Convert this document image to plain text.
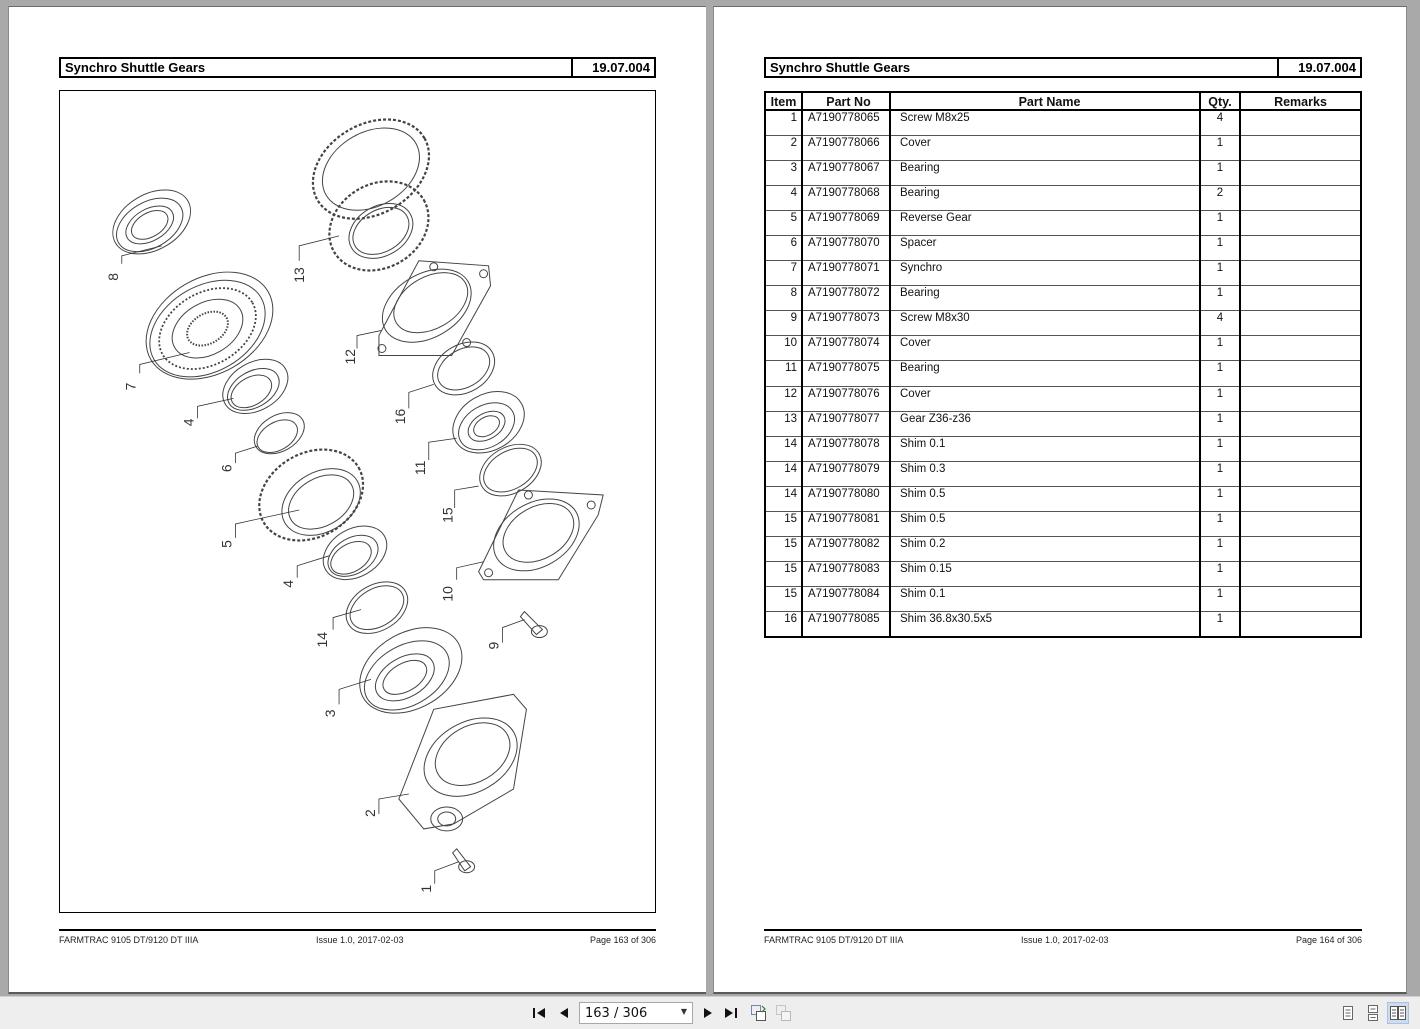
Synchro Shuttle Gears	19.07.004
8
7
4
6
5
4
14
3
2
1
13
12
16
11
15
10
9
FARMTRAC 9105 DT/9120 DT IIIA	Issue 1.0, 2017-02-03	Page 163 of 306
Synchro Shuttle Gears	19.07.004
Item	Part No	Part Name	Qty.	Remarks
1	A7190778065	Screw M8x25	4	
2	A7190778066	Cover	1	
3	A7190778067	Bearing	1	
4	A7190778068	Bearing	2	
5	A7190778069	Reverse Gear	1	
6	A7190778070	Spacer	1	
7	A7190778071	Synchro	1	
8	A7190778072	Bearing	1	
9	A7190778073	Screw M8x30	4	
10	A7190778074	Cover	1	
11	A7190778075	Bearing	1	
12	A7190778076	Cover	1	
13	A7190778077	Gear Z36-z36	1	
14	A7190778078	Shim 0.1	1	
14	A7190778079	Shim 0.3	1	
14	A7190778080	Shim 0.5	1	
15	A7190778081	Shim 0.5	1	
15	A7190778082	Shim 0.2	1	
15	A7190778083	Shim 0.15	1	
15	A7190778084	Shim 0.1	1	
16	A7190778085	Shim 36.8x30.5x5	1	
FARMTRAC 9105 DT/9120 DT IIIA	Issue 1.0, 2017-02-03	Page 164 of 306
163 / 306	▼
